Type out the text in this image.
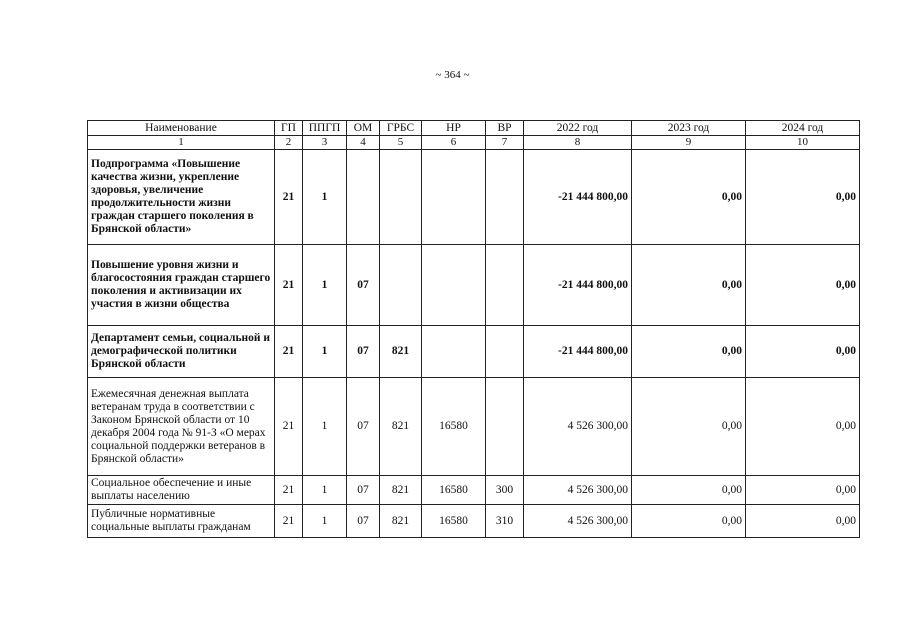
~ 364 ~
Наименование	ГП	ППГП	ОМ	ГРБС	НР	ВР	2022 год	2023 год	2024 год
1	2	3	4	5	6	7	8	9	10
Подпрограмма «Повышение качества жизни, укрепление здоровья, увеличение продолжительности жизни граждан старшего поколения в Брянской области»	21	1					-21 444 800,00	0,00	0,00
Повышение уровня жизни и благосостояния граждан старшего поколения и активизации их участия в жизни общества	21	1	07				-21 444 800,00	0,00	0,00
Департамент семьи, социальной и демографической политики Брянской области	21	1	07	821			-21 444 800,00	0,00	0,00
Ежемесячная денежная выплата ветеранам труда в соответствии с Законом Брянской области от 10 декабря 2004 года № 91-З «О мерах социальной поддержки ветеранов в Брянской области»	21	1	07	821	16580		4 526 300,00	0,00	0,00
Социальное обеспечение и иные выплаты населению	21	1	07	821	16580	300	4 526 300,00	0,00	0,00
Публичные нормативные социальные выплаты гражданам	21	1	07	821	16580	310	4 526 300,00	0,00	0,00
